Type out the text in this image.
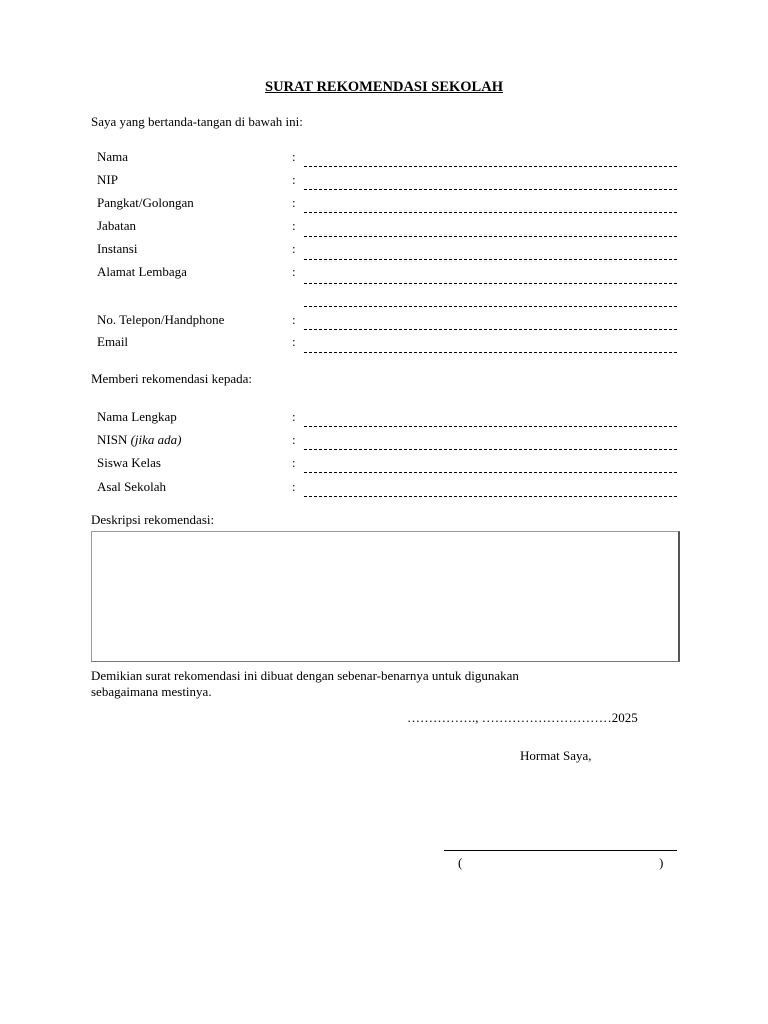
SURAT REKOMENDASI SEKOLAH
Saya yang bertanda-tangan di bawah ini:
Nama	:
NIP	:
Pangkat/Golongan	:
Jabatan	:
Instansi	:
Alamat Lembaga	:
No. Telepon/Handphone	:
Email	:
Memberi rekomendasi kepada:
Nama Lengkap	:
NISN (jika ada)	:
Siswa Kelas	:
Asal Sekolah	:
Deskripsi rekomendasi:
Demikian surat rekomendasi ini dibuat dengan sebenar-benarnya untuk digunakan
sebagaimana mestinya.
……………., …………………………2025
Hormat Saya,
(	)
